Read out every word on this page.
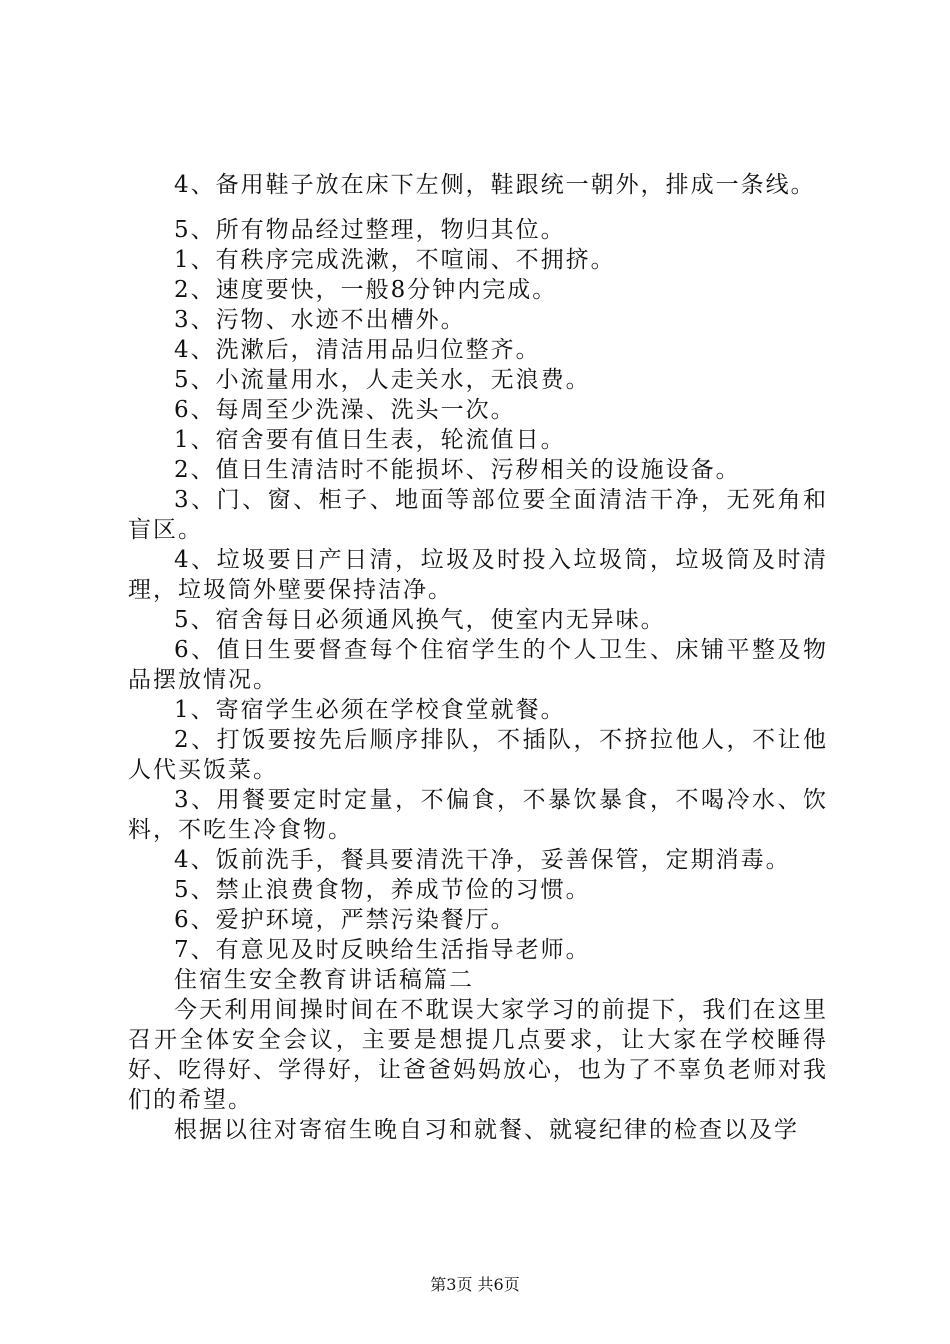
4、备用鞋子放在床下左侧，鞋跟统一朝外，排成一条线。

5、所有物品经过整理，物归其位。

1、有秩序完成洗漱，不喧闹、不拥挤。

2、速度要快，一般8分钟内完成。

3、污物、水迹不出槽外。

4、洗漱后，清洁用品归位整齐。

5、小流量用水，人走关水，无浪费。

6、每周至少洗澡、洗头一次。

1、宿舍要有值日生表，轮流值日。

2、值日生清洁时不能损坏、污秽相关的设施设备。

3、门、窗、柜子、地面等部位要全面清洁干净，无死角和盲区。

4、垃圾要日产日清，垃圾及时投入垃圾筒，垃圾筒及时清理，垃圾筒外壁要保持洁净。

5、宿舍每日必须通风换气，使室内无异味。

6、值日生要督查每个住宿学生的个人卫生、床铺平整及物品摆放情况。

1、寄宿学生必须在学校食堂就餐。

2、打饭要按先后顺序排队，不插队，不挤拉他人，不让他人代买饭菜。

3、用餐要定时定量，不偏食，不暴饮暴食，不喝冷水、饮料，不吃生冷食物。

4、饭前洗手，餐具要清洗干净，妥善保管，定期消毒。

5、禁止浪费食物，养成节俭的习惯。

6、爱护环境，严禁污染餐厅。

7、有意见及时反映给生活指导老师。

住宿生安全教育讲话稿篇二

今天利用间操时间在不耽误大家学习的前提下，我们在这里召开全体安全会议，主要是想提几点要求，让大家在学校睡得好、吃得好、学得好，让爸爸妈妈放心，也为了不辜负老师对我们的希望。

根据以往对寄宿生晚自习和就餐、就寝纪律的检查以及学

第3页 共6页
